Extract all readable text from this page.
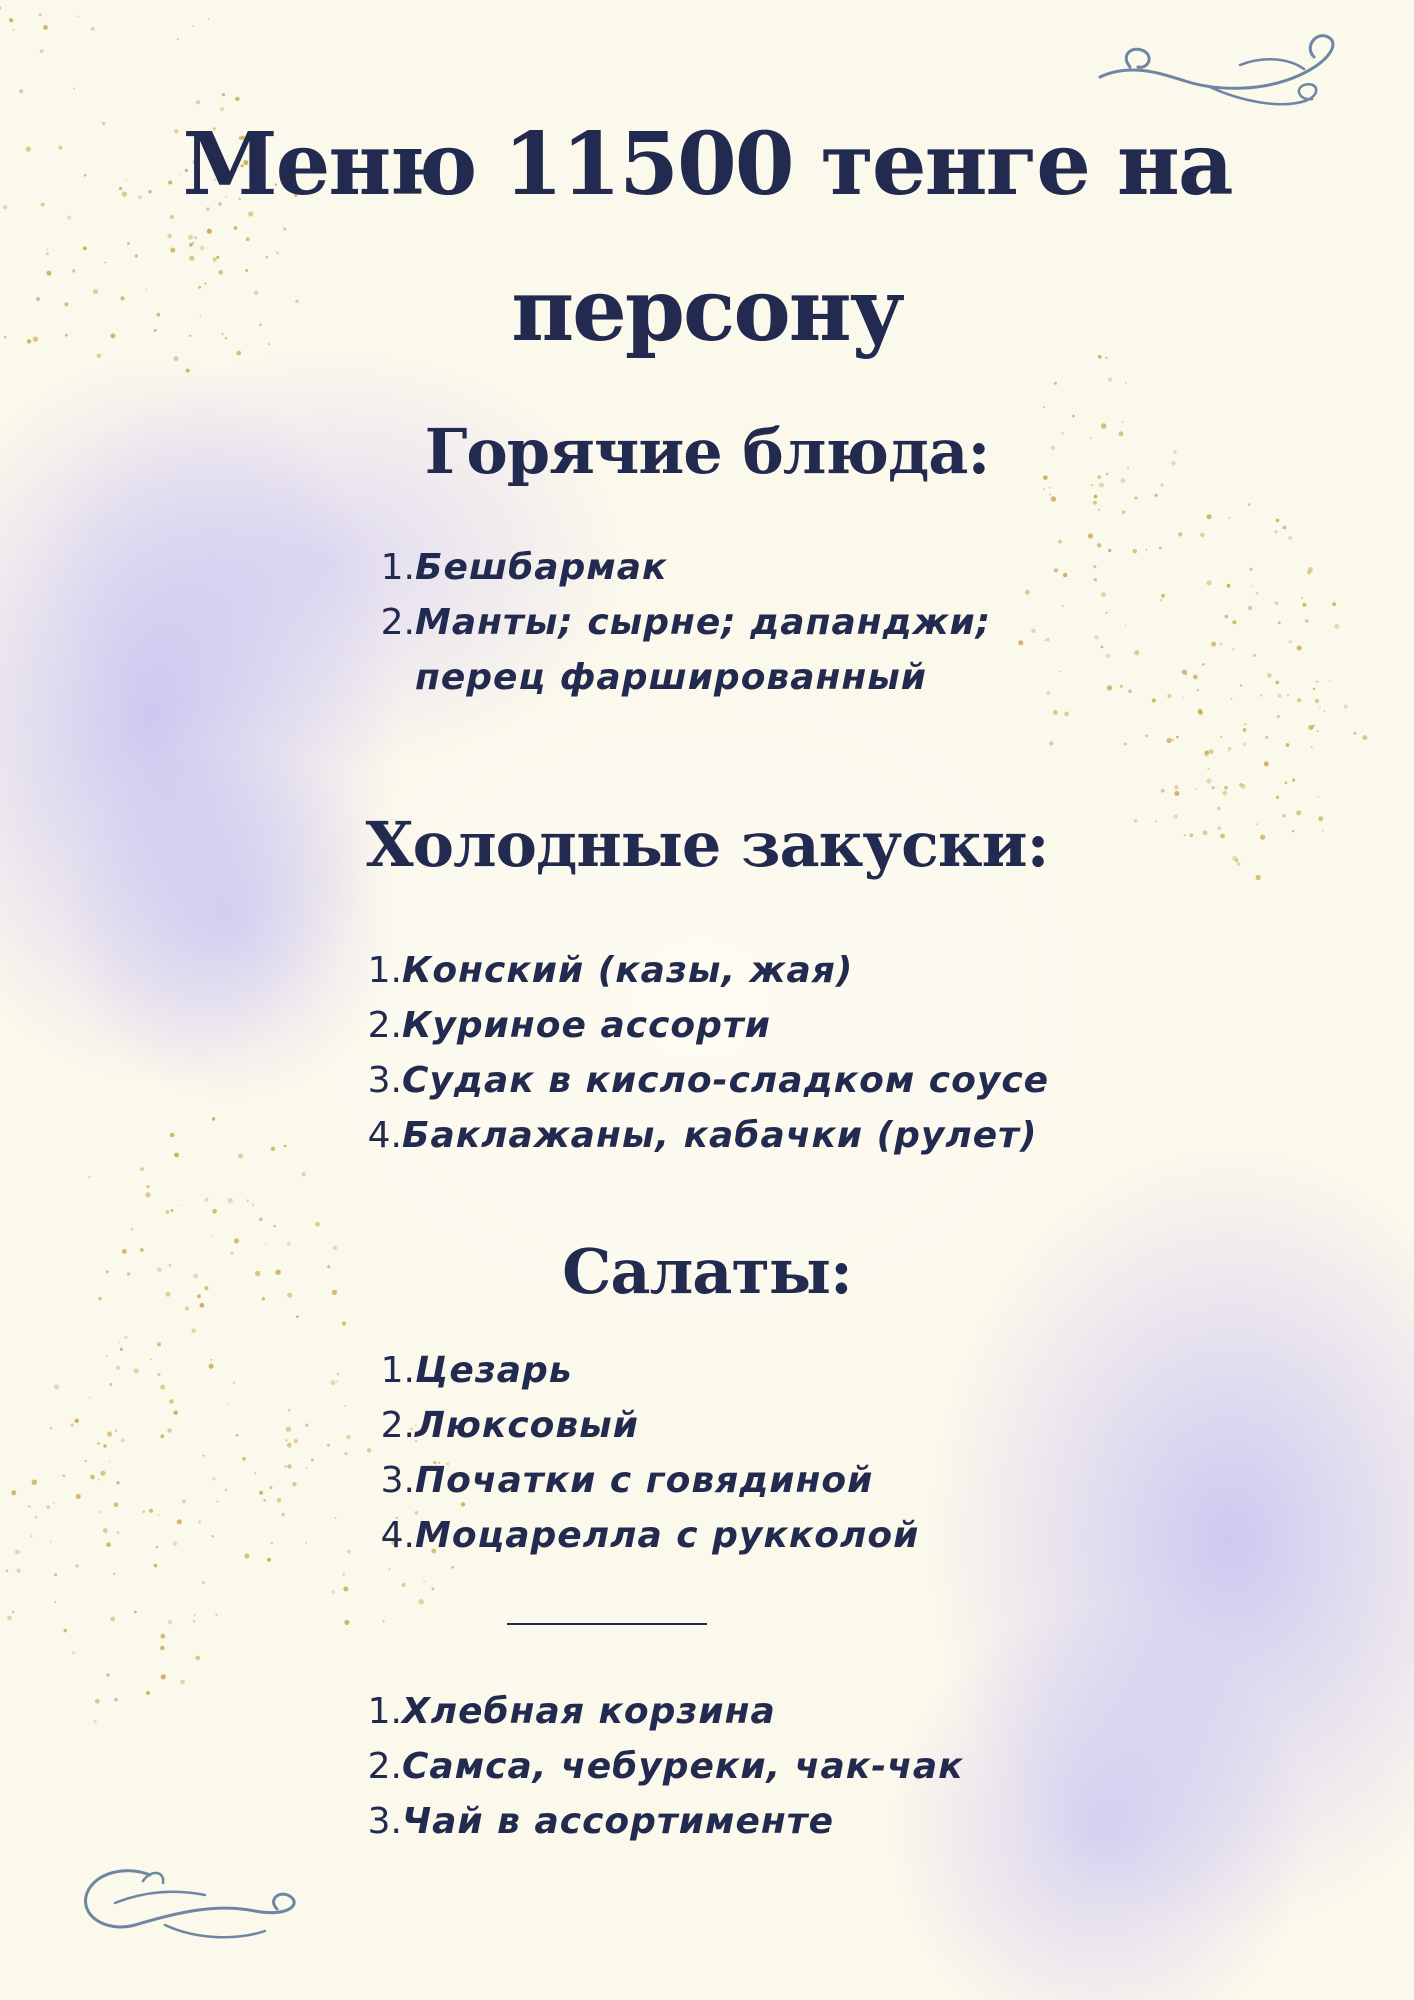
Меню 11500 тенге на персону
Горячие блюда:
1. Бешбармак
2. Манты; сырне; дапанджи;
перец фаршированный
Холодные закуски:
1. Конский (казы, жая)
2. Куриное ассорти
3. Судак в кисло-сладком соусе
4. Баклажаны, кабачки (рулет)
Салаты:
1. Цезарь
2. Люксовый
3. Початки с говядиной
4. Моцарелла с рукколой
1. Хлебная корзина
2. Самса, чебуреки, чак-чак
3. Чай в ассортименте
